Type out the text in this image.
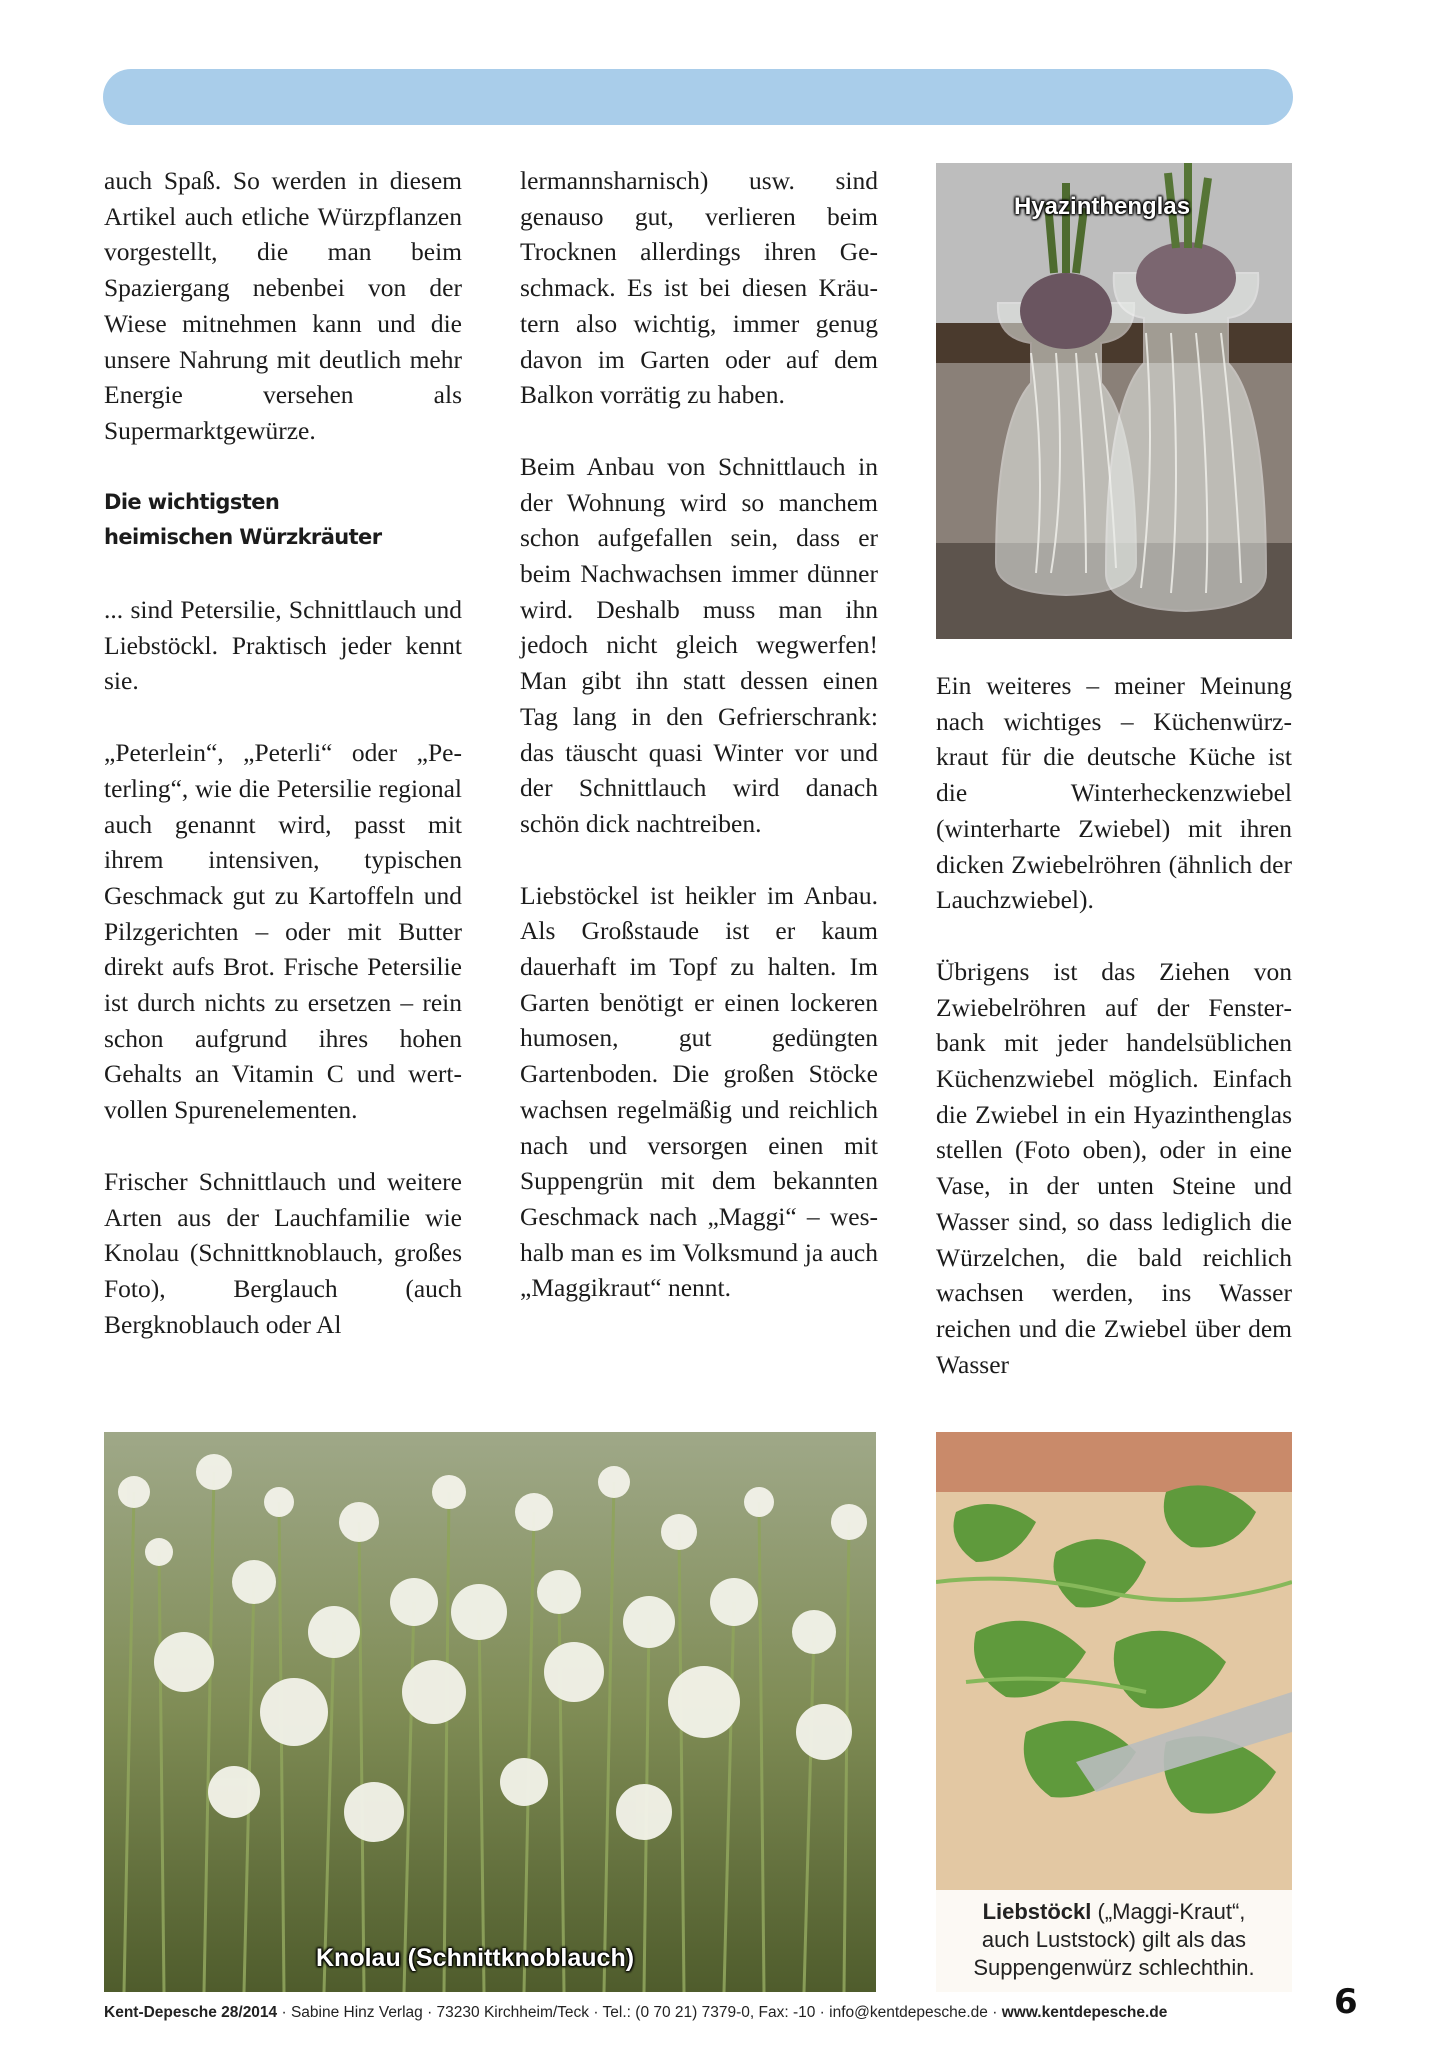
auch Spaß. So werden in diesem Artikel auch etliche Würzpflanzen vorgestellt, die man beim Spaziergang nebenbei von der Wiese mitnehmen kann und die unsere Nahrung mit deutlich mehr Energie versehen als Supermarktgewürze.

Die wichtigsten
heimischen Würzkräuter

... sind Petersilie, Schnittlauch und Liebstöckl. Praktisch jeder kennt sie.

„Peterlein“, „Peterli“ oder „Peterling“, wie die Petersilie regional auch genannt wird, passt mit ihrem intensiven, typischen Geschmack gut zu Kartoffeln und Pilzgerichten – oder mit Butter direkt aufs Brot. Frische Petersilie ist durch nichts zu ersetzen – rein schon aufgrund ihres hohen Gehalts an Vitamin C und wertvollen Spurenelementen.

Frischer Schnittlauch und weitere Arten aus der Lauchfamilie wie Knolau (Schnittknoblauch, großes Foto), Berglauch (auch Bergknoblauch oder Al

lermannsharnisch) usw. sind genauso gut, verlieren beim Trocknen allerdings ihren Geschmack. Es ist bei diesen Kräutern also wichtig, immer genug davon im Garten oder auf dem Balkon vorrätig zu haben.

Beim Anbau von Schnittlauch in der Wohnung wird so manchem schon aufgefallen sein, dass er beim Nachwachsen immer dünner wird. Deshalb muss man ihn jedoch nicht gleich wegwerfen! Man gibt ihn statt dessen einen Tag lang in den Gefrierschrank: das täuscht quasi Winter vor und der Schnittlauch wird danach schön dick nachtreiben.

Liebstöckel ist heikler im Anbau. Als Großstaude ist er kaum dauerhaft im Topf zu halten. Im Garten benötigt er einen lockeren humosen, gut gedüngten Gartenboden. Die großen Stöcke wachsen regelmäßig und reichlich nach und versorgen einen mit Suppengrün mit dem bekannten Geschmack nach „Maggi“ – weshalb man es im Volksmund ja auch „Maggikraut“ nennt.

Hyazinthenglas

Ein weiteres – meiner Meinung nach wichtiges – Küchenwürzkraut für die deutsche Küche ist die Winterheckenzwiebel (winterharte Zwiebel) mit ihren dicken Zwiebelröhren (ähnlich der Lauchzwiebel).

Übrigens ist das Ziehen von Zwiebelröhren auf der Fensterbank mit jeder handelsüblichen Küchenzwiebel möglich. Einfach die Zwiebel in ein Hyazinthenglas stellen (Foto oben), oder in eine Vase, in der unten Steine und Wasser sind, so dass lediglich die Würzelchen, die bald reichlich wachsen werden, ins Wasser reichen und die Zwiebel über dem Wasser

Knolau (Schnittknoblauch)
Liebstöckl („Maggi-Kraut“,
auch Luststock) gilt als das
Suppengenwürz schlechthin.
Kent-Depesche 28/2014 · Sabine Hinz Verlag · 73230 Kirchheim/Teck · Tel.: (0 70 21) 7379-0, Fax: -10 · info@kentdepesche.de · www.kentdepesche.de	6
